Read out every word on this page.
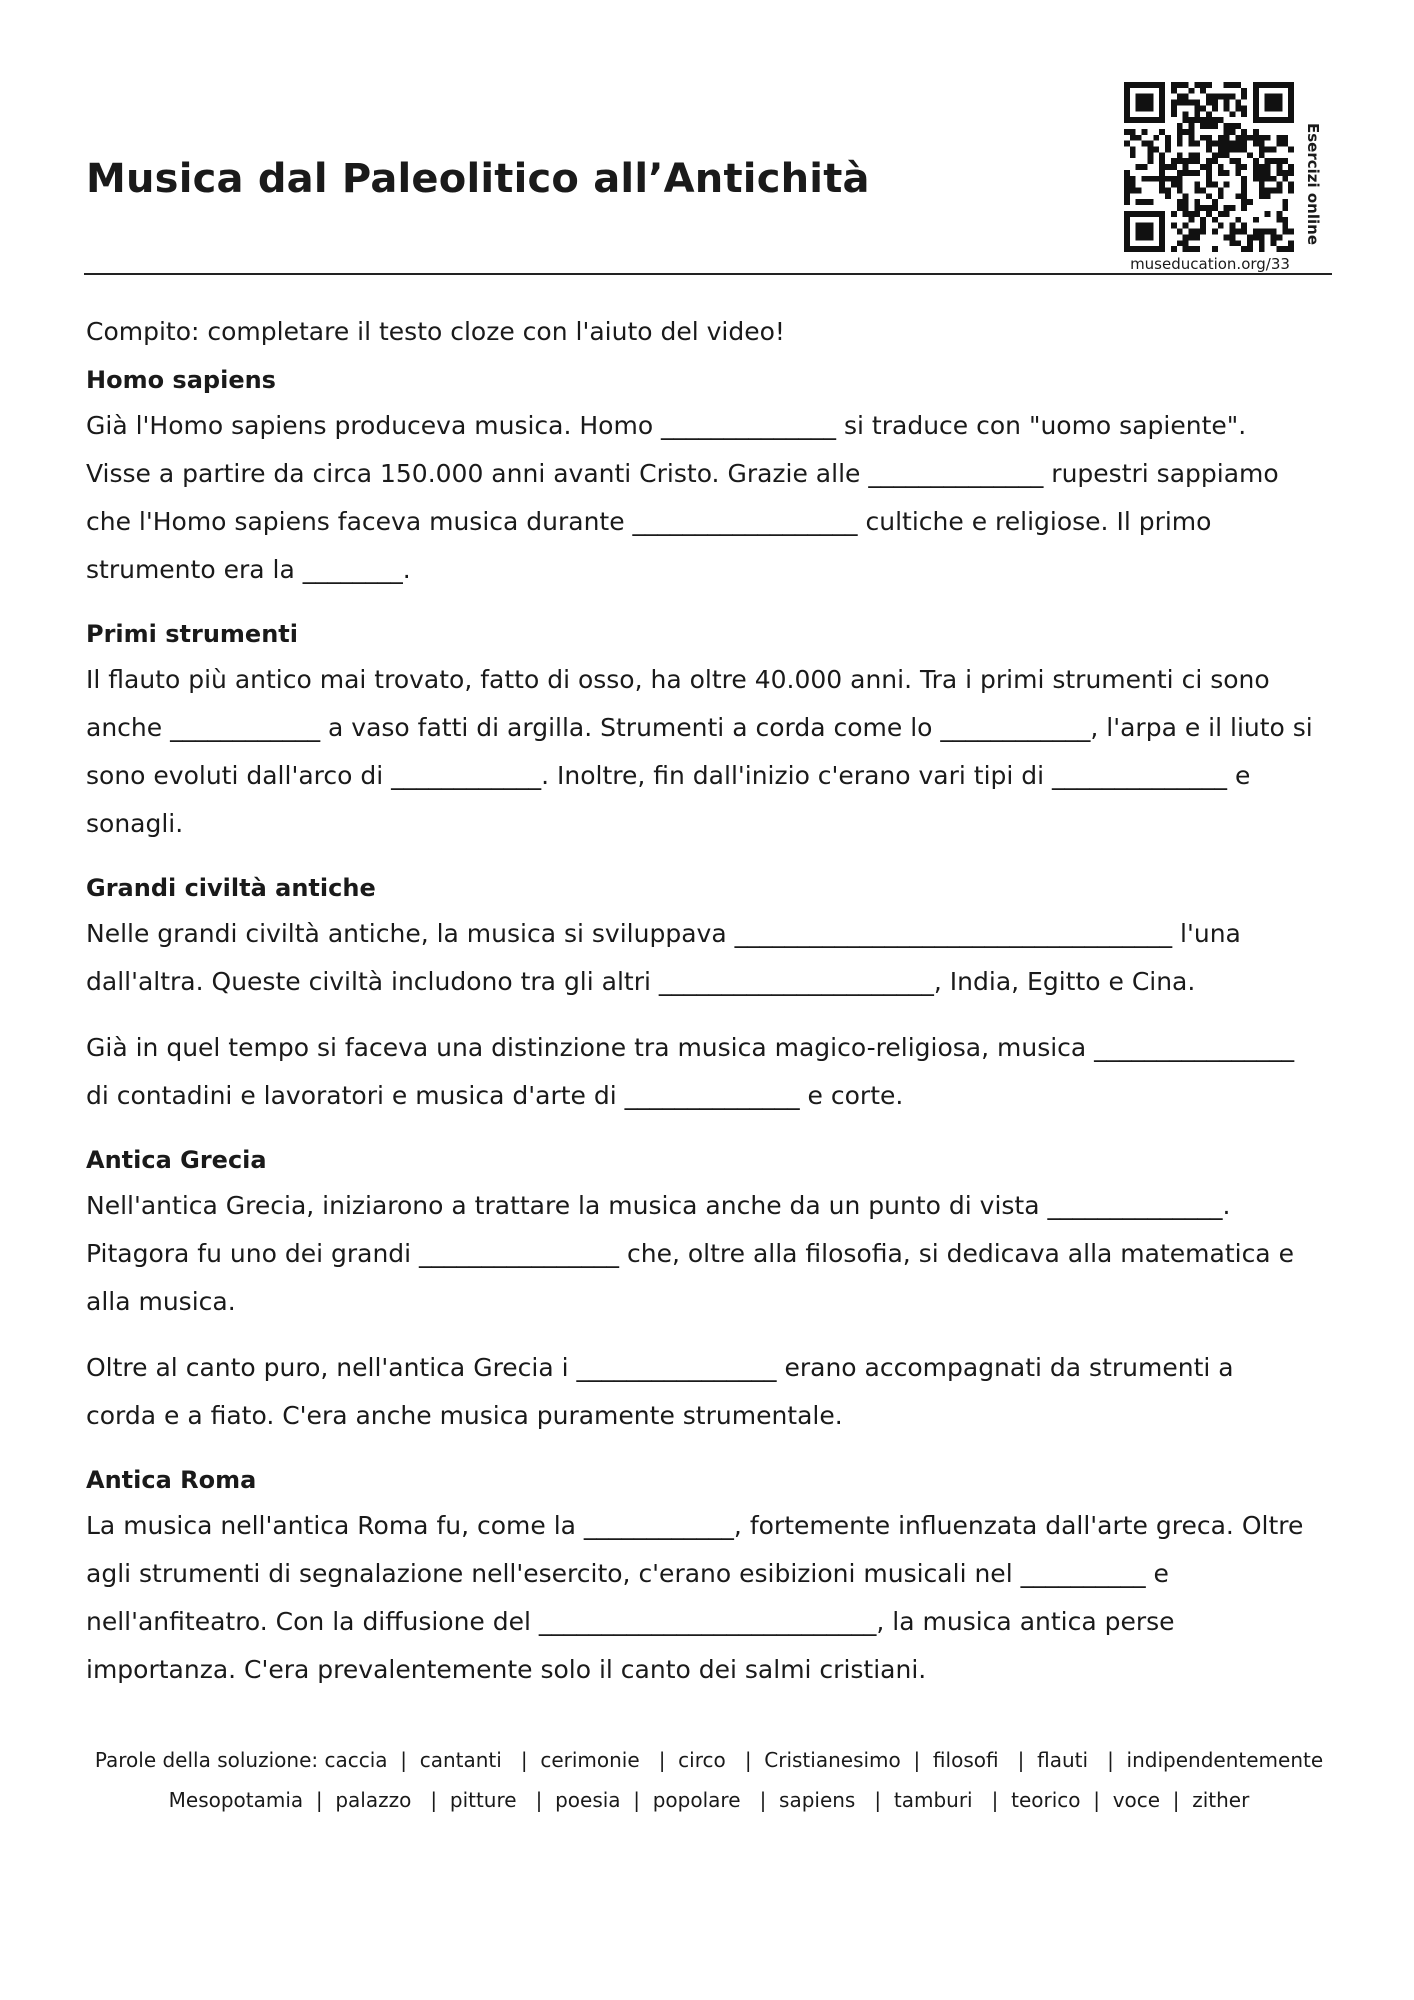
Musica dal Paleolitico all’Antichità	Esercizi online
museducation.org/33

Compito: completare il testo cloze con l'aiuto del video!

Homo sapiens

Già l'Homo sapiens produceva musica. Homo ______________ si traduce con "uomo sapiente".
Visse a partire da circa 150.000 anni avanti Cristo. Grazie alle ______________ rupestri sappiamo
che l'Homo sapiens faceva musica durante __________________ cultiche e religiose. Il primo
strumento era la ________.

Primi strumenti

Il flauto più antico mai trovato, fatto di osso, ha oltre 40.000 anni. Tra i primi strumenti ci sono
anche ____________ a vaso fatti di argilla. Strumenti a corda come lo ____________, l'arpa e il liuto si
sono evoluti dall'arco di ____________. Inoltre, fin dall'inizio c'erano vari tipi di ______________ e
sonagli.

Grandi civiltà antiche

Nelle grandi civiltà antiche, la musica si sviluppava ___________________________________ l'una
dall'altra. Queste civiltà includono tra gli altri ______________________, India, Egitto e Cina.

Già in quel tempo si faceva una distinzione tra musica magico-religiosa, musica ________________
di contadini e lavoratori e musica d'arte di ______________ e corte.

Antica Grecia

Nell'antica Grecia, iniziarono a trattare la musica anche da un punto di vista ______________.
Pitagora fu uno dei grandi ________________ che, oltre alla filosofia, si dedicava alla matematica e
alla musica.

Oltre al canto puro, nell'antica Grecia i ________________ erano accompagnati da strumenti a
corda e a fiato. C'era anche musica puramente strumentale.

Antica Roma

La musica nell'antica Roma fu, come la ____________, fortemente influenzata dall'arte greca. Oltre
agli strumenti di segnalazione nell'esercito, c'erano esibizioni musicali nel __________ e
nell'anfiteatro. Con la diffusione del ___________________________, la musica antica perse
importanza. C'era prevalentemente solo il canto dei salmi cristiani.

Parole della soluzione: caccia  |  cantanti   |  cerimonie   |  circo   |  Cristianesimo  |  filosofi   |  flauti   |  indipendentemente
Mesopotamia  |  palazzo   |  pitture   |  poesia  |  popolare   |  sapiens   |  tamburi   |  teorico  |  voce  |  zither
